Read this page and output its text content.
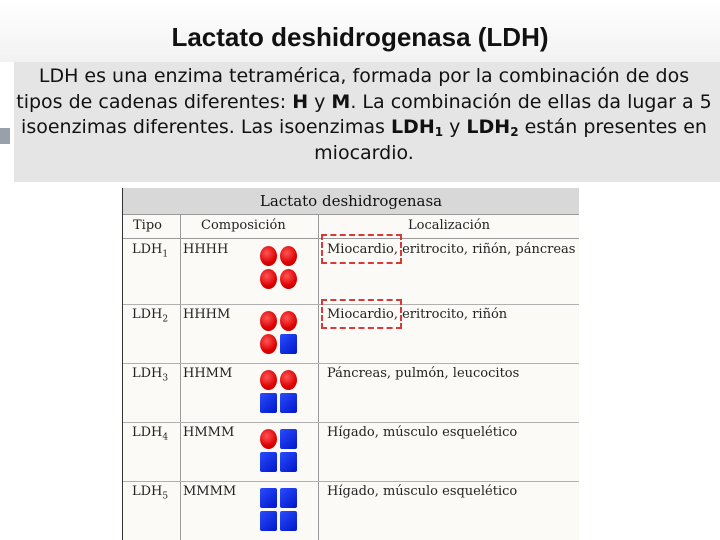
Lactato deshidrogenasa (LDH)

LDH es una enzima tetramérica, formada por la combinación de dos tipos de cadenas diferentes: H y M. La combinación de ellas da lugar a 5 isoenzimas diferentes. Las isoenzimas $LDH_1$ y $LDH_2$ están presentes en miocardio.

Lactato deshidrogenasa
Tipo	Composición	Localización
$LDH_1$ HHHH	Miocardio, eritrocito, riñón, páncreas
$LDH_2$ HHHM	Miocardio, eritrocito, riñón
$LDH_3$ HHMM	Páncreas, pulmón, leucocitos
$LDH_4$ HMMM	Hígado, músculo esquelético
$LDH_5$ MMMM	Hígado, músculo esquelético
